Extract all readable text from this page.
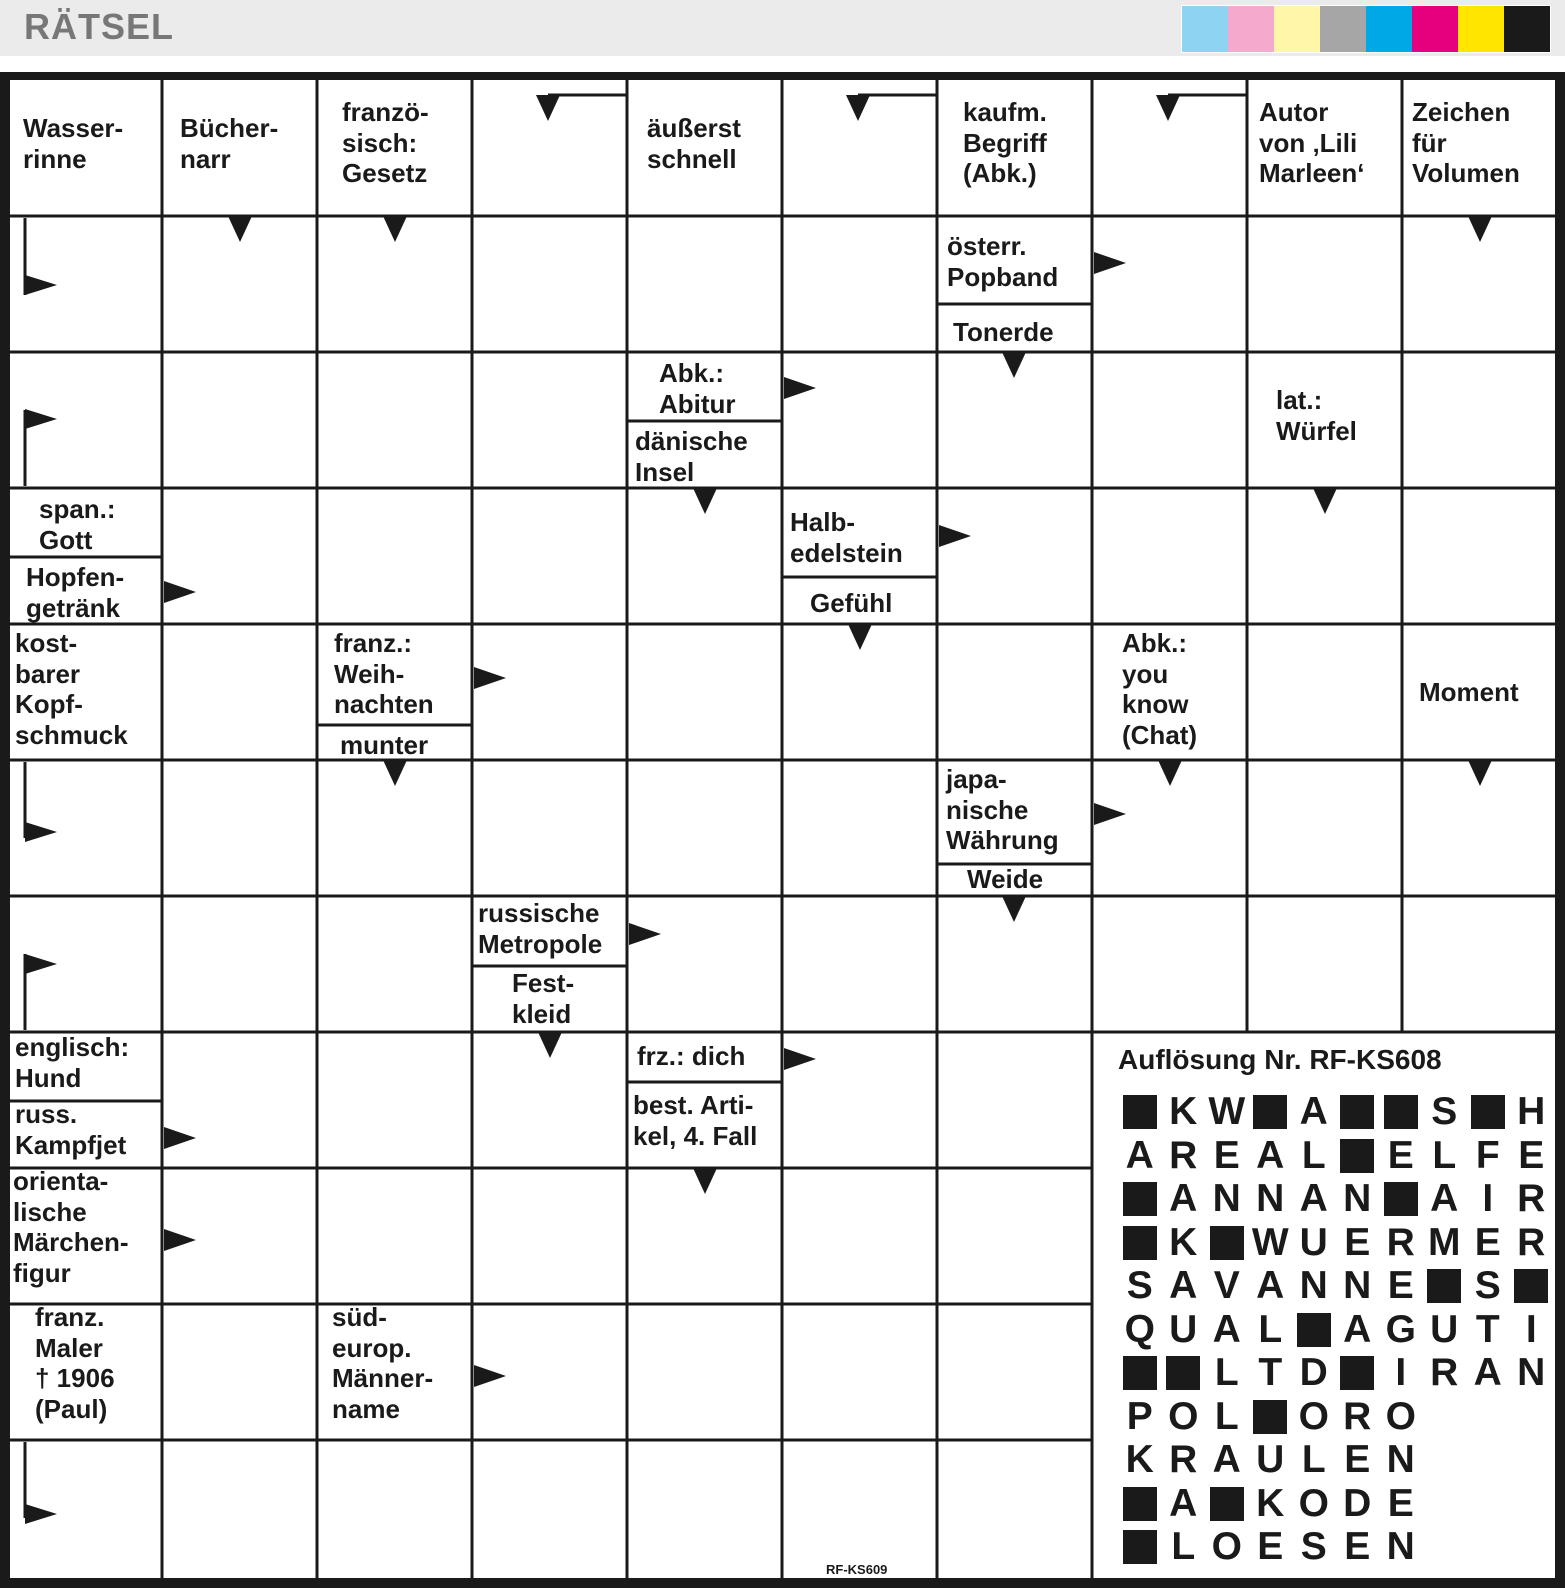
RÄTSEL
Wasser-
rinne
Bücher-
narr
franzö-
sisch:
Gesetz
äußerst
schnell
kaufm.
Begriff
(Abk.)
Autor
von ‚Lili
Marleen‘
Zeichen
für
Volumen
österr.
Popband
Tonerde
Abk.:
Abitur
dänische
Insel
lat.:
Würfel
span.:
Gott
Hopfen-
getränk
Halb-
edelstein
Gefühl
kost-
barer
Kopf-
schmuck
franz.:
Weih-
nachten
munter
Abk.:
you
know
(Chat)
Moment
japa-
nische
Währung
Weide
russische
Metropole
Fest-
kleid
englisch:
Hund
frz.: dich
russ.
Kampfjet
best. Arti-
kel, 4. Fall
orienta-
lische
Märchen-
figur
franz.
Maler
† 1906
(Paul)
süd-
europ.
Männer-
name
Auflösung Nr. RF-KS608
K W A	S H
A R E A L E L F E
A N N A N A I R
K W U E R M E R
S A V A N N E S
Q U A L A G U T I
L T D	I R A N
P O L O R O
K R A U L E N
A K O D E
L O E S E N
RF-KS609
